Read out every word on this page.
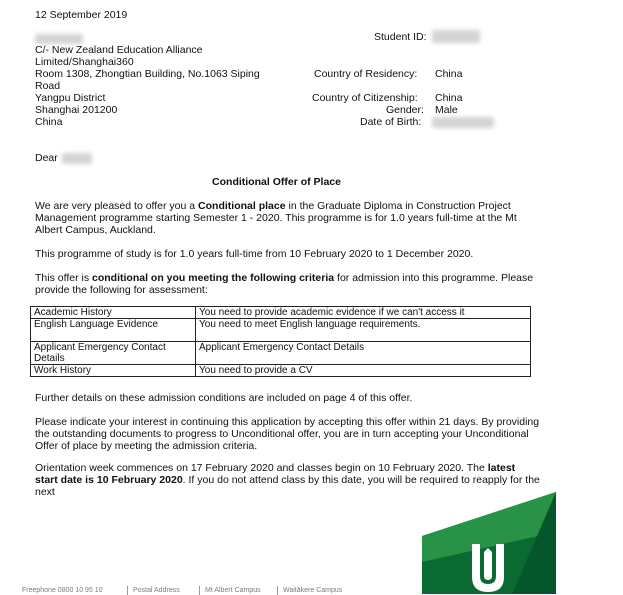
12 September 2019
C/- New Zealand Education Alliance
Limited/Shanghai360
Room 1308, Zhongtian Building, No.1063 Siping
Road
Yangpu District
Shanghai 201200
China
Student ID:
Country of Residency: China
Country of Citizenship: China
Gender: Male
Date of Birth:
Dear
Conditional Offer of Place
We are very pleased to offer you a Conditional place in the Graduate Diploma in Construction Project Management programme starting Semester 1 - 2020. This programme is for 1.0 years full-time at the Mt Albert Campus, Auckland.
This programme of study is for 1.0 years full-time from 10 February 2020 to 1 December 2020.
This offer is conditional on you meeting the following criteria for admission into this programme. Please provide the following for assessment:
Academic History	You need to provide academic evidence if we can't access it
English Language Evidence	You need to meet English language requirements.
Applicant Emergency Contact Details	Applicant Emergency Contact Details
Work History	You need to provide a CV
Further details on these admission conditions are included on page 4 of this offer.
Please indicate your interest in continuing this application by accepting this offer within 21 days. By providing the outstanding documents to progress to Unconditional offer, you are in turn accepting your Unconditional Offer of place by meeting the admission criteria.
Orientation week commences on 17 February 2020 and classes begin on 10 February 2020. The latest start date is 10 February 2020. If you do not attend class by this date, you will be required to reapply for the next
Freephone 0800 10 95 10	Postal Address	Mt Albert Campus	Waitākere Campus
